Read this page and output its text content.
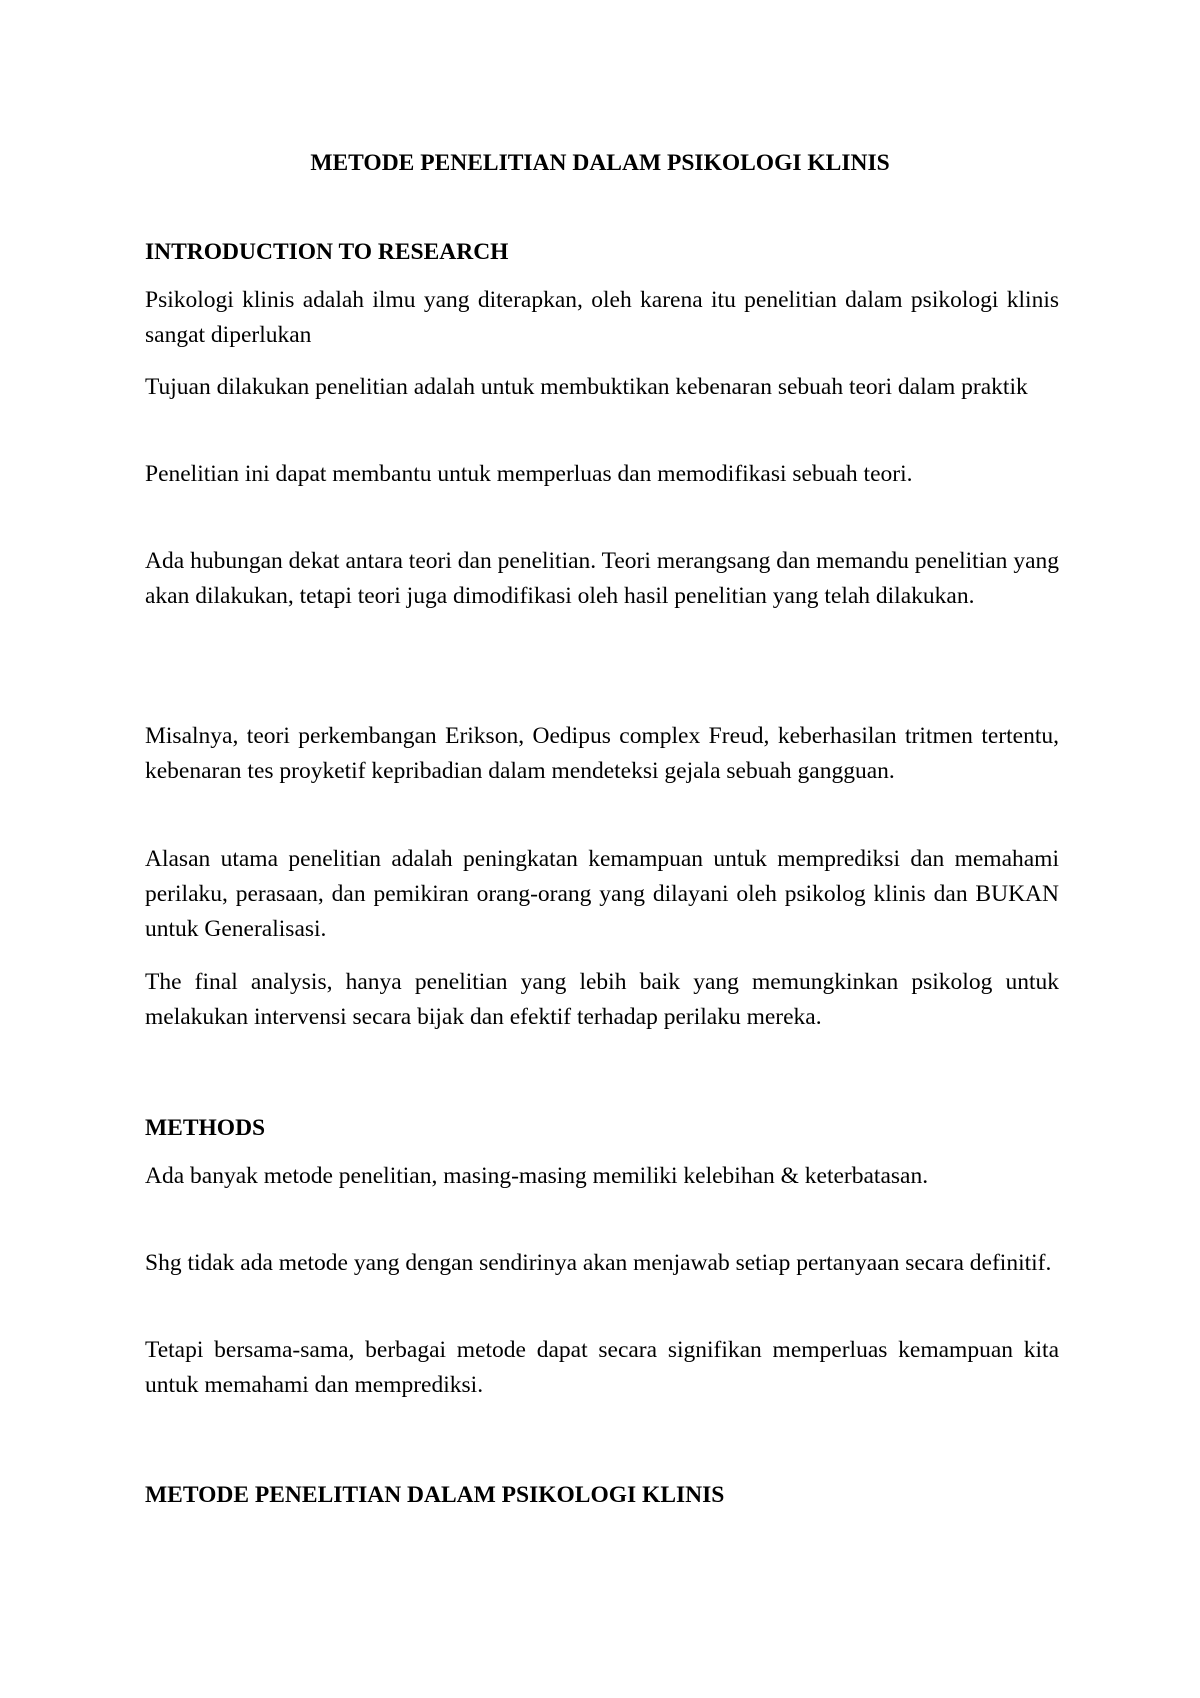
METODE PENELITIAN DALAM PSIKOLOGI KLINIS
INTRODUCTION TO RESEARCH

Psikologi klinis adalah ilmu yang diterapkan, oleh karena itu penelitian dalam psikologi klinis sangat diperlukan

Tujuan dilakukan penelitian adalah untuk membuktikan kebenaran sebuah teori dalam praktik

Penelitian ini dapat membantu untuk memperluas dan memodifikasi sebuah teori.

Ada hubungan dekat antara teori dan penelitian. Teori merangsang dan memandu penelitian yang akan dilakukan, tetapi teori juga dimodifikasi oleh hasil penelitian yang telah dilakukan.

Misalnya, teori perkembangan Erikson, Oedipus complex Freud, keberhasilan tritmen tertentu, kebenaran tes proyketif kepribadian dalam mendeteksi gejala sebuah gangguan.

Alasan utama penelitian adalah peningkatan kemampuan untuk memprediksi dan memahami perilaku, perasaan, dan pemikiran orang-orang yang dilayani oleh psikolog klinis dan BUKAN untuk Generalisasi.

The final analysis, hanya penelitian yang lebih baik yang memungkinkan psikolog untuk melakukan intervensi secara bijak dan efektif terhadap perilaku mereka.

METHODS

Ada banyak metode penelitian, masing-masing memiliki kelebihan & keterbatasan.

Shg tidak ada metode yang dengan sendirinya akan menjawab setiap pertanyaan secara definitif.

Tetapi bersama-sama, berbagai metode dapat secara signifikan memperluas kemampuan kita untuk memahami dan memprediksi.

METODE PENELITIAN DALAM PSIKOLOGI KLINIS
